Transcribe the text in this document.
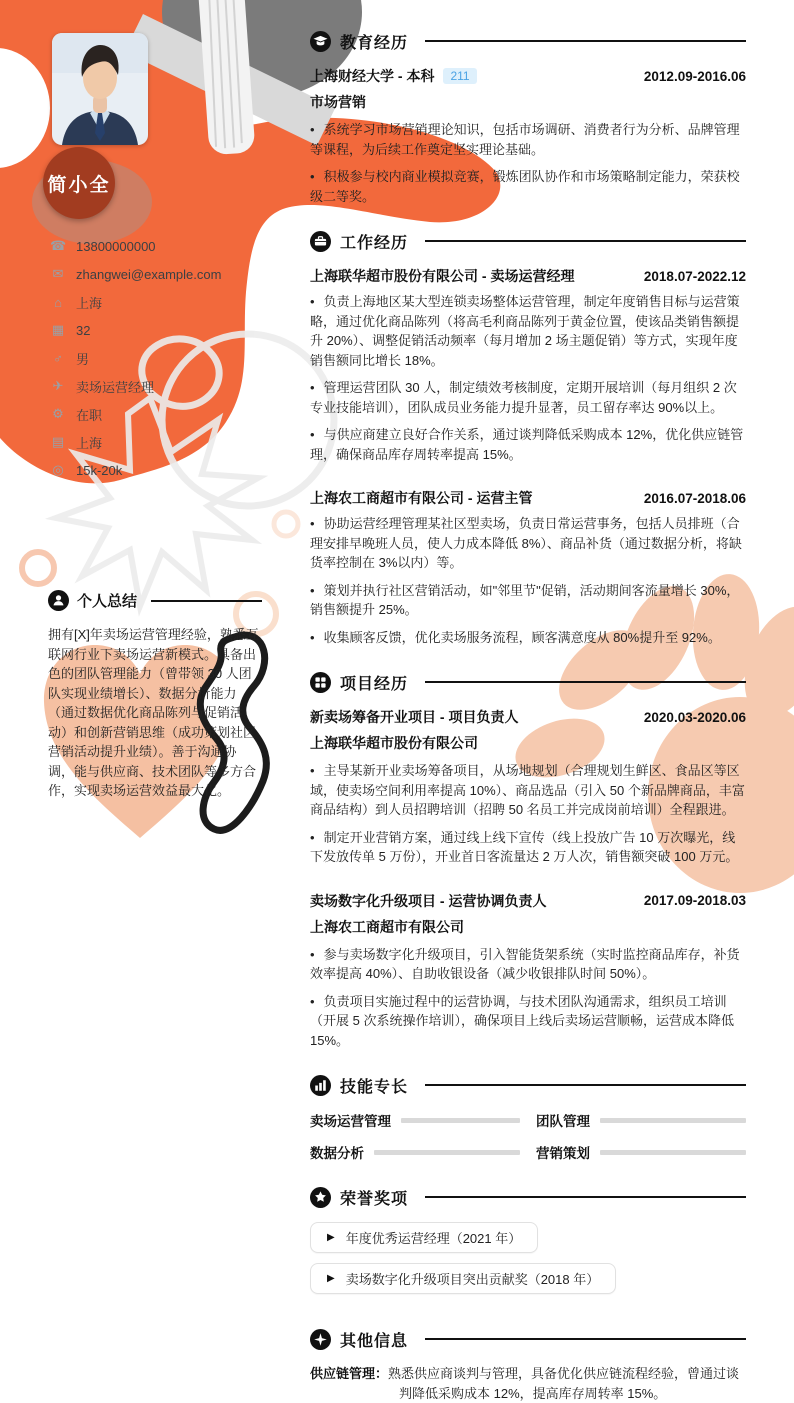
简小全
☎ 13800000000
✉ zhangwei@example.com
⌂	上海
▦ 32
♂ 男
✈ 卖场运营经理
⚙ 在职
▤ 上海
◎ 15k-20k
个人总结

拥有[X]年卖场运营管理经验，熟悉互联网行业下卖场运营新模式。具备出色的团队管理能力（曾带领 30 人团队实现业绩增长）、数据分析能力（通过数据优化商品陈列与促销活动）和创新营销思维（成功策划社区营销活动提升业绩）。善于沟通协调，能与供应商、技术团队等多方合作，实现卖场运营效益最大化。

教育经历
上海财经大学 - 本科	211	2012.09-2016.06
市场营销

• 系统学习市场营销理论知识，包括市场调研、消费者行为分析、品牌管理等课程，为后续工作奠定坚实理论基础。

• 积极参与校内商业模拟竞赛，锻炼团队协作和市场策略制定能力，荣获校级二等奖。

工作经历
上海联华超市股份有限公司 - 卖场运营经理	2018.07-2022.12

• 负责上海地区某大型连锁卖场整体运营管理，制定年度销售目标与运营策略，通过优化商品陈列（将高毛利商品陈列于黄金位置，使该品类销售额提升 20%）、调整促销活动频率（每月增加 2 场主题促销）等方式，实现年度销售额同比增长 18%。

• 管理运营团队 30 人，制定绩效考核制度，定期开展培训（每月组织 2 次专业技能培训），团队成员业务能力提升显著，员工留存率达 90%以上。

• 与供应商建立良好合作关系，通过谈判降低采购成本 12%，优化供应链管理，确保商品库存周转率提高 15%。

上海农工商超市有限公司 - 运营主管	2016.07-2018.06

• 协助运营经理管理某社区型卖场，负责日常运营事务，包括人员排班（合理安排早晚班人员，使人力成本降低 8%）、商品补货（通过数据分析，将缺货率控制在 3%以内）等。

• 策划并执行社区营销活动，如"邻里节"促销，活动期间客流量增长 30%，销售额提升 25%。

• 收集顾客反馈，优化卖场服务流程，顾客满意度从 80%提升至 92%。

项目经历
新卖场筹备开业项目 - 项目负责人	2020.03-2020.06
上海联华超市股份有限公司

• 主导某新开业卖场筹备项目，从场地规划（合理规划生鲜区、食品区等区域，使卖场空间利用率提高 10%）、商品选品（引入 50 个新品牌商品，丰富商品结构）到人员招聘培训（招聘 50 名员工并完成岗前培训）全程跟进。

• 制定开业营销方案，通过线上线下宣传（线上投放广告 10 万次曝光，线下发放传单 5 万份），开业首日客流量达 2 万人次，销售额突破 100 万元。

卖场数字化升级项目 - 运营协调负责人	2017.09-2018.03
上海农工商超市有限公司

• 参与卖场数字化升级项目，引入智能货架系统（实时监控商品库存，补货效率提高 40%）、自助收银设备（减少收银排队时间 50%）。

• 负责项目实施过程中的运营协调，与技术团队沟通需求，组织员工培训（开展 5 次系统操作培训），确保项目上线后卖场运营顺畅，运营成本降低 15%。

技能专长
卖场运营管理	团队管理
数据分析	营销策划
荣誉奖项
▶ 年度优秀运营经理（2021 年）
▶ 卖场数字化升级项目突出贡献奖（2018 年）
其他信息

供应链管理：熟悉供应商谈判与管理，具备优化供应链流程经验，曾通过谈判降低采购成本 12%，提高库存周转率 15%。
